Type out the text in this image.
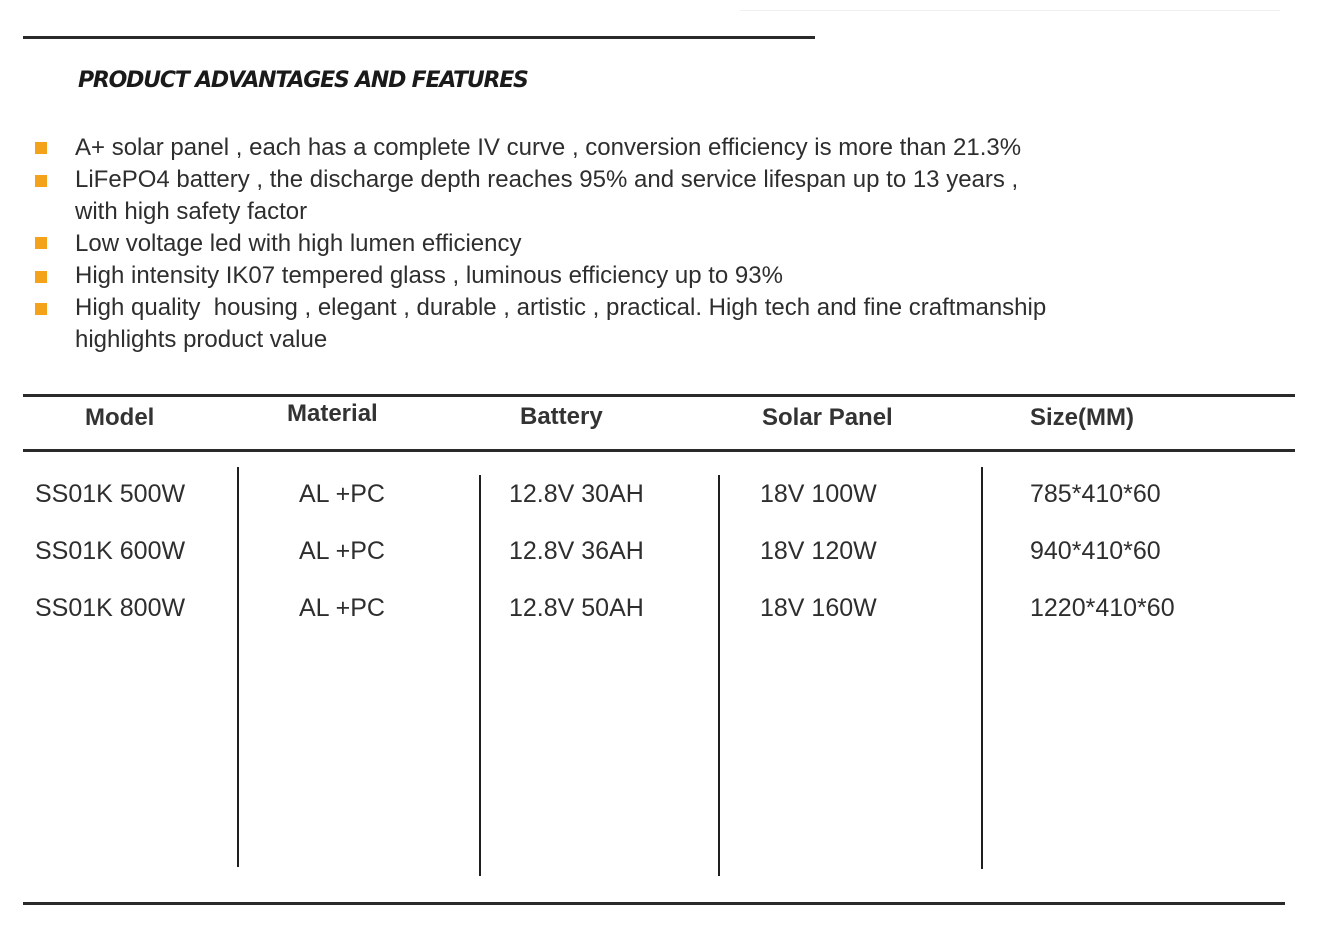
PRODUCT ADVANTAGES AND FEATURES
A+ solar panel , each has a complete IV curve , conversion efficiency is more than 21.3%
LiFePO4 battery , the discharge depth reaches 95% and service lifespan up to 13 years ,
with high safety factor
Low voltage led with high lumen efficiency
High intensity IK07 tempered glass , luminous efficiency up to 93%
High quality  housing , elegant , durable , artistic , practical. High tech and fine craftmanship
highlights product value
Model	Material	Battery	Solar Panel	Size(MM)
SS01K 500W	AL +PC	12.8V 30AH	18V 100W	785*410*60
SS01K 600W	AL +PC	12.8V 36AH	18V 120W	940*410*60
SS01K 800W	AL +PC	12.8V 50AH	18V 160W	1220*410*60
